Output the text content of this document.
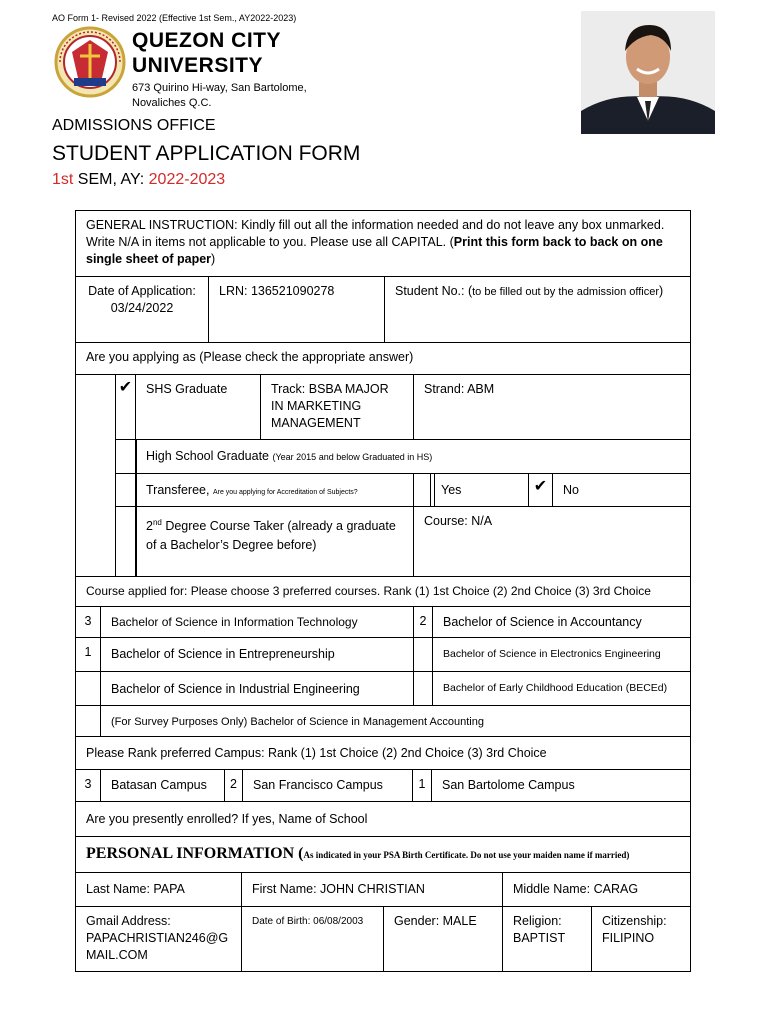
AO Form 1- Revised 2022 (Effective 1st Sem., AY2022-2023)
QUEZON CITY
UNIVERSITY
673 Quirino Hi-way, San Bartolome,
Novaliches Q.C.
ADMISSIONS OFFICE
STUDENT APPLICATION FORM
1st SEM, AY: 2022-2023
GENERAL INSTRUCTION: Kindly fill out all the information needed and do not leave any box unmarked. Write N/A in items not applicable to you. Please use all CAPITAL. (Print this form back to back on one single sheet of paper)
Date of Application:
03/24/2022
LRN: 136521090278	Student No.: (to be filled out by the admission officer)
Are you applying as (Please check the appropriate answer)
✔	SHS Graduate	Track: BSBA MAJOR IN MARKETING MANAGEMENT
Strand: ABM
High School Graduate (Year 2015 and below Graduated in HS)
Transferee, Are you applying for Accreditation of Subjects?	Yes	✔	No
2nd Degree Course Taker (already a graduate of a Bachelor’s Degree before)
Course: N/A
Course applied for: Please choose 3 preferred courses. Rank (1) 1st Choice (2) 2nd Choice (3) 3rd Choice
3	Bachelor of Science in Information Technology	2	Bachelor of Science in Accountancy
1	Bachelor of Science in Entrepreneurship	Bachelor of Science in Electronics Engineering
Bachelor of Science in Industrial Engineering	Bachelor of Early Childhood Education (BECEd)
(For Survey Purposes Only) Bachelor of Science in Management Accounting
Please Rank preferred Campus: Rank (1) 1st Choice (2) 2nd Choice (3) 3rd Choice
3	Batasan Campus	2	San Francisco Campus	1	San Bartolome Campus
Are you presently enrolled? If yes, Name of School
PERSONAL INFORMATION (As indicated in your PSA Birth Certificate. Do not use your maiden name if married)
Last Name: PAPA	First Name: JOHN CHRISTIAN	Middle Name: CARAG
Gmail Address:
PAPACHRISTIAN246@GMAIL.COM
Date of Birth: 06/08/2003	Gender: MALE	Religion: BAPTIST
Citizenship: FILIPINO
